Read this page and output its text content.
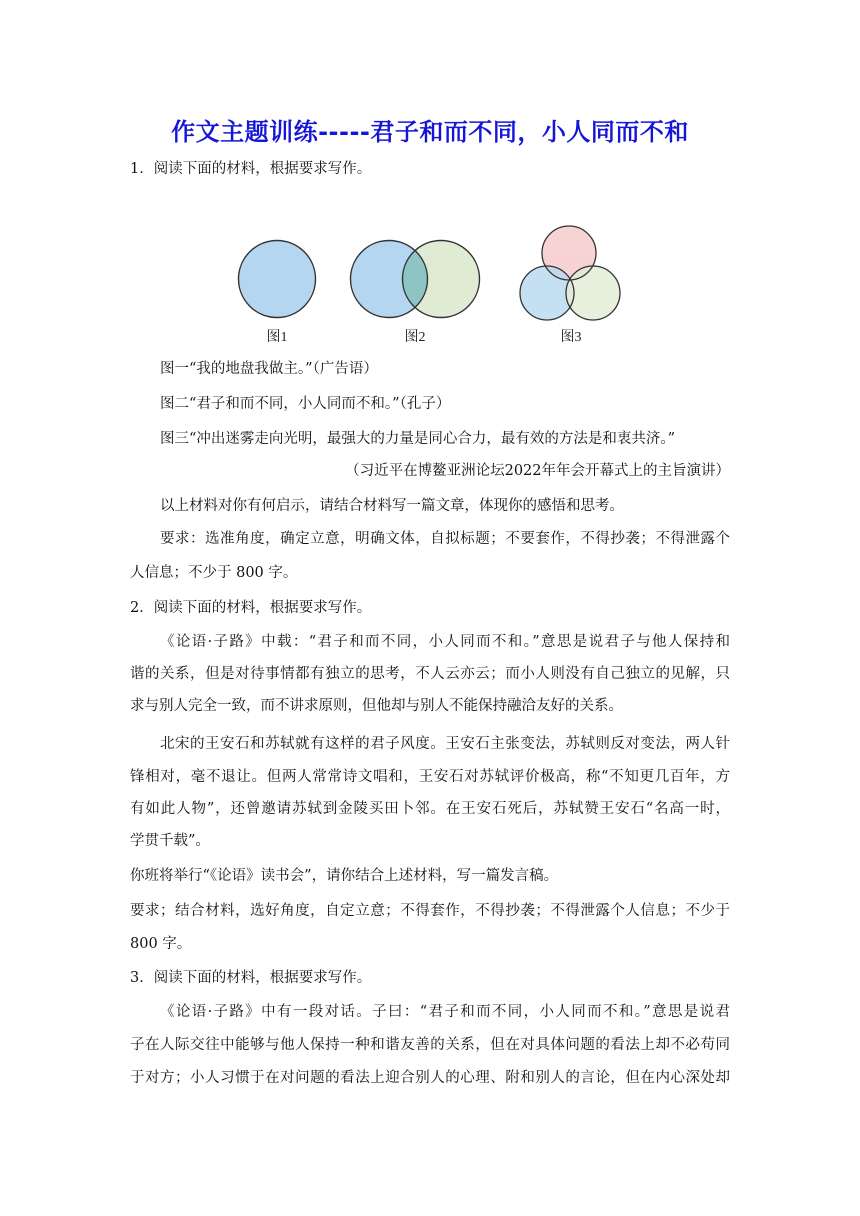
作文主题训练-----君子和而不同，小人同而不和
1．阅读下面的材料，根据要求写作。
图1	图2	图3
图一“我的地盘我做主。”（广告语）
图二“君子和而不同，小人同而不和。”（孔子）
图三“冲出迷雾走向光明，最强大的力量是同心合力，最有效的方法是和衷共济。”
（习近平在博鳌亚洲论坛2022年年会开幕式上的主旨演讲）
以上材料对你有何启示，请结合材料写一篇文章，体现你的感悟和思考。
要求：选准角度，确定立意，明确文体，自拟标题；不要套作，不得抄袭；不得泄露个
人信息；不少于 800 字。
2．阅读下面的材料，根据要求写作。
《论语·子路》中载：“君子和而不同，小人同而不和。”意思是说君子与他人保持和
谐的关系，但是对待事情都有独立的思考，不人云亦云；而小人则没有自己独立的见解，只
求与别人完全一致，而不讲求原则，但他却与别人不能保持融洽友好的关系。
北宋的王安石和苏轼就有这样的君子风度。王安石主张变法，苏轼则反对变法，两人针
锋相对，毫不退让。但两人常常诗文唱和，王安石对苏轼评价极高，称“不知更几百年，方
有如此人物”，还曾邀请苏轼到金陵买田卜邻。在王安石死后，苏轼赞王安石“名高一时，
学贯千载”。
你班将举行“《论语》读书会”，请你结合上述材料，写一篇发言稿。
要求；结合材料，选好角度，自定立意；不得套作，不得抄袭；不得泄露个人信息；不少于
800 字。
3．阅读下面的材料，根据要求写作。
《论语·子路》中有一段对话。子曰：“君子和而不同，小人同而不和。”意思是说君
子在人际交往中能够与他人保持一种和谐友善的关系，但在对具体问题的看法上却不必苟同
于对方；小人习惯于在对问题的看法上迎合别人的心理、附和别人的言论，但在内心深处却
